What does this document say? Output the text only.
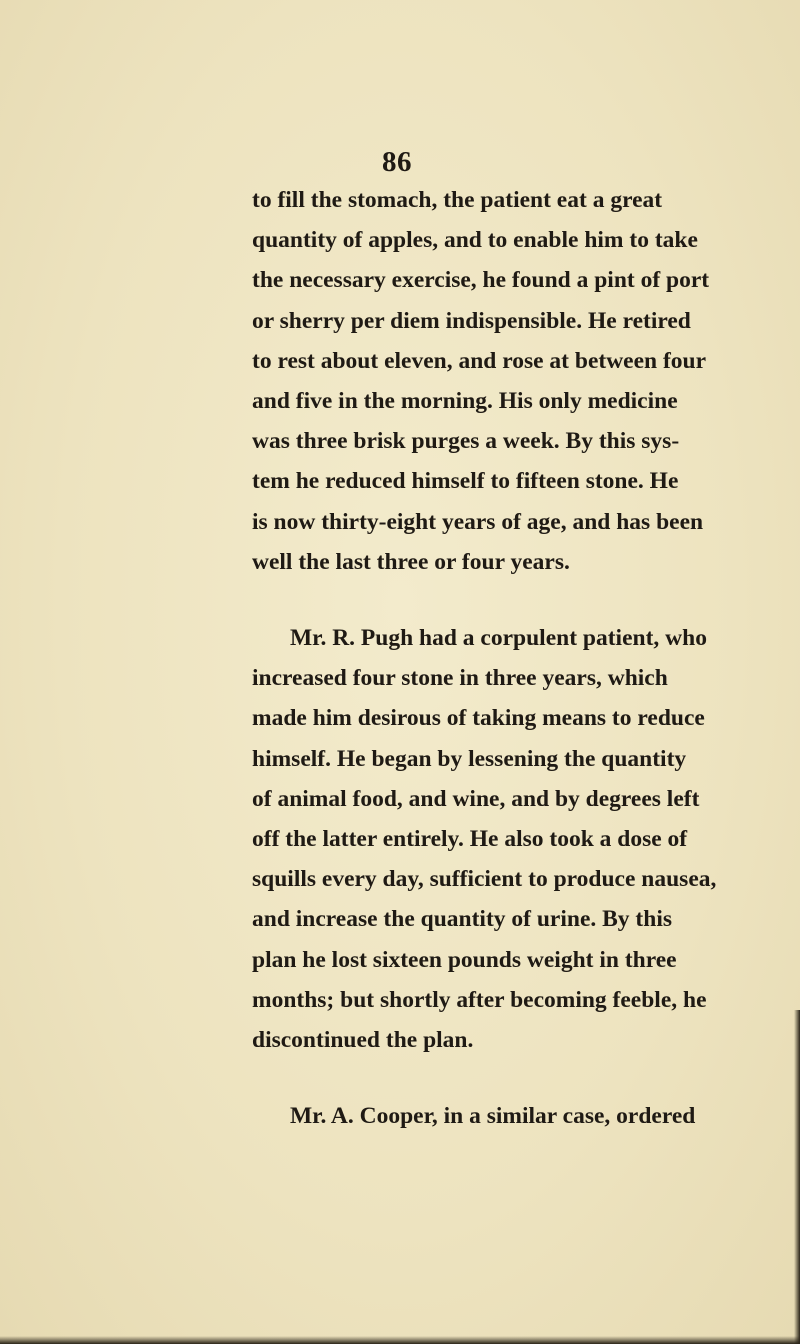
86
to fill the stomach, the patient eat a great
quantity of apples, and to enable him to take
the necessary exercise, he found a pint of port
or sherry per diem indispensible. He retired
to rest about eleven, and rose at between four
and five in the morning. His only medicine
was three brisk purges a week. By this sys-
tem he reduced himself to fifteen stone. He
is now thirty-eight years of age, and has been
well the last three or four years.
Mr. R. Pugh had a corpulent patient, who
increased four stone in three years, which
made him desirous of taking means to reduce
himself. He began by lessening the quantity
of animal food, and wine, and by degrees left
off the latter entirely. He also took a dose of
squills every day, sufficient to produce nausea,
and increase the quantity of urine. By this
plan he lost sixteen pounds weight in three
months; but shortly after becoming feeble, he
discontinued the plan.
Mr. A. Cooper, in a similar case, ordered
